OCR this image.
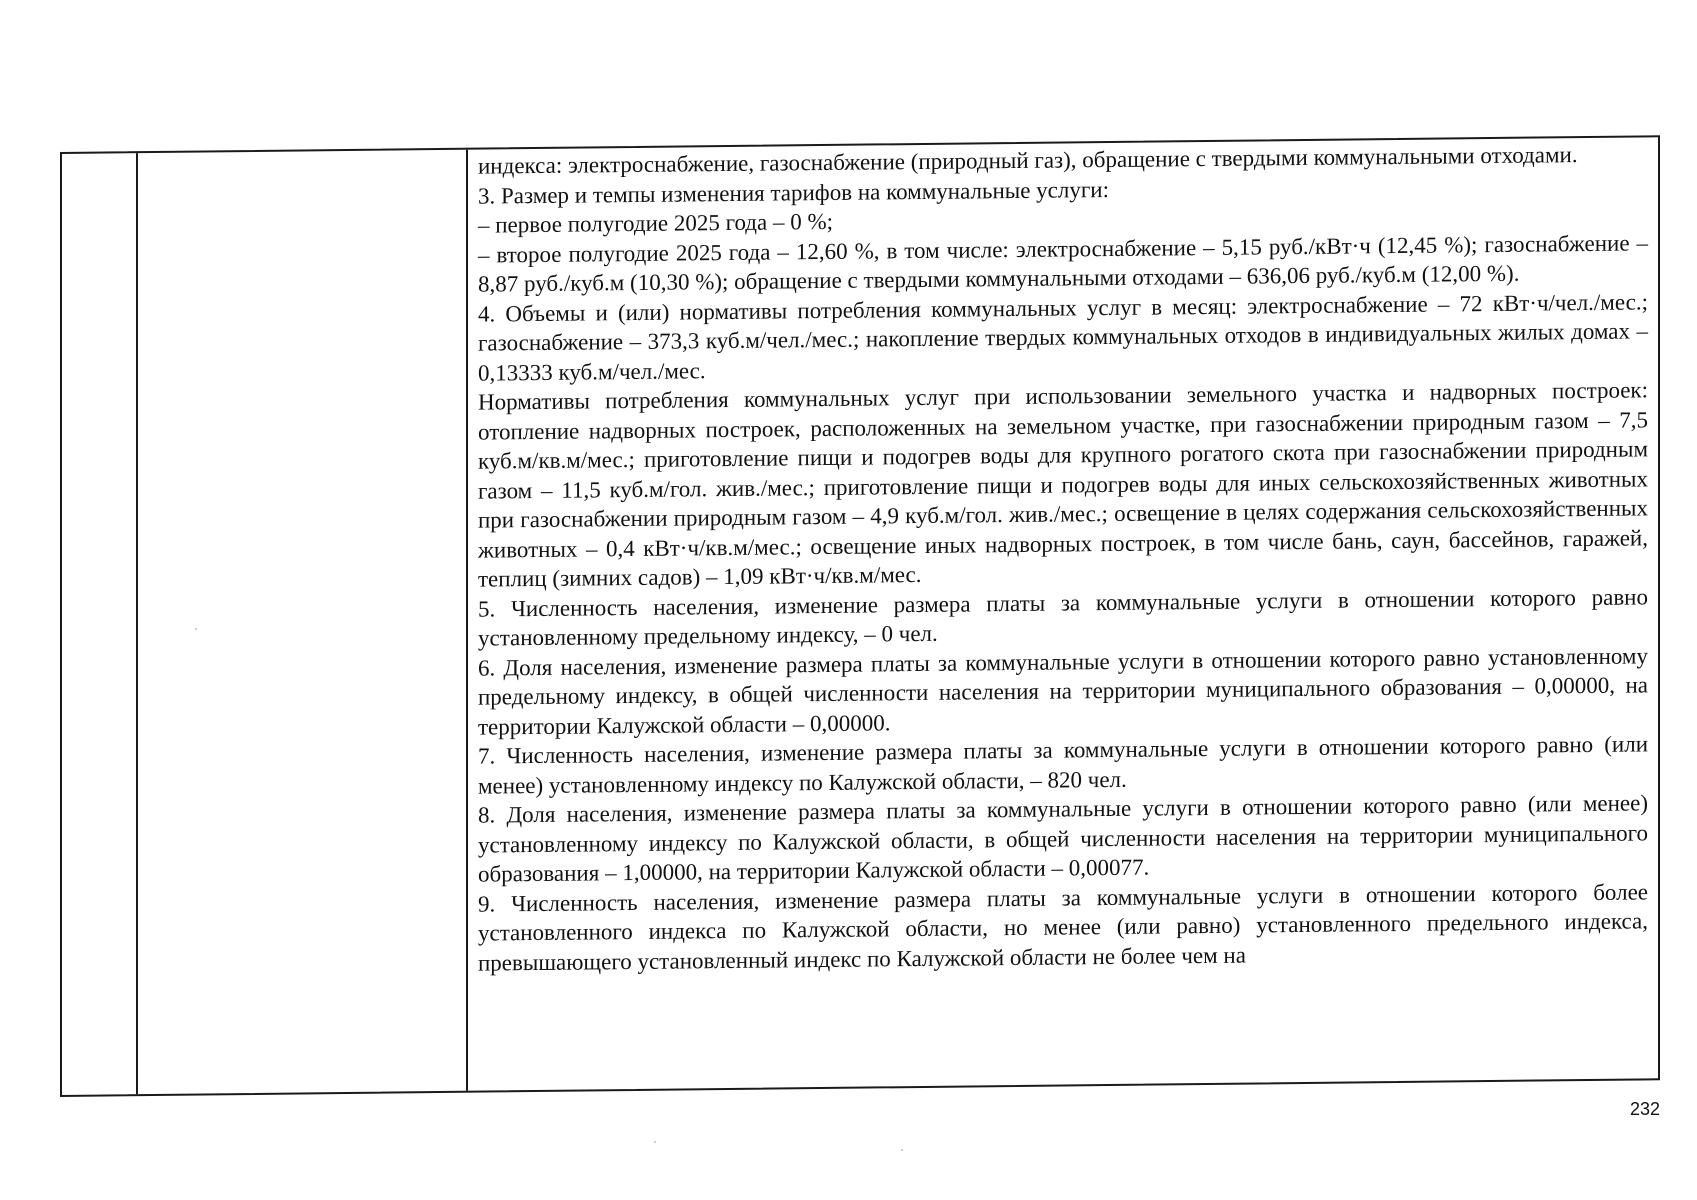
индекса: электроснабжение, газоснабжение (природный газ), обращение с твердыми коммунальными отходами.

3. Размер и темпы изменения тарифов на коммунальные услуги:

– первое полугодие 2025 года – 0 %;

– второе полугодие 2025 года – 12,60 %, в том числе: электроснабжение – 5,15 руб./кВт·ч (12,45 %); газоснабжение – 8,87 руб./куб.м (10,30 %); обращение с твердыми коммунальными отходами – 636,06 руб./куб.м (12,00 %).

4. Объемы и (или) нормативы потребления коммунальных услуг в месяц: электроснабжение – 72 кВт·ч/чел./мес.; газоснабжение – 373,3 куб.м/чел./мес.; накопление твердых коммунальных отходов в индивидуальных жилых домах – 0,13333 куб.м/чел./мес.

Нормативы потребления коммунальных услуг при использовании земельного участка и надворных построек: отопление надворных построек, расположенных на земельном участке, при газоснабжении природным газом – 7,5 куб.м/кв.м/мес.; приготовление пищи и подогрев воды для крупного рогатого скота при газоснабжении природным газом – 11,5 куб.м/гол. жив./мес.; приготовление пищи и подогрев воды для иных сельскохозяйственных животных при газоснабжении природным газом – 4,9 куб.м/гол. жив./мес.; освещение в целях содержания сельскохозяйственных животных – 0,4 кВт·ч/кв.м/мес.; освещение иных надворных построек, в том числе бань, саун, бассейнов, гаражей, теплиц (зимних садов) – 1,09 кВт·ч/кв.м/мес.

5. Численность населения, изменение размера платы за коммунальные услуги в отношении которого равно установленному предельному индексу, – 0 чел.

6. Доля населения, изменение размера платы за коммунальные услуги в отношении которого равно установленному предельному индексу, в общей численности населения на территории муниципального образования – 0,00000, на территории Калужской области – 0,00000.

7. Численность населения, изменение размера платы за коммунальные услуги в отношении которого равно (или менее) установленному индексу по Калужской области, – 820 чел.

8. Доля населения, изменение размера платы за коммунальные услуги в отношении которого равно (или менее) установленному индексу по Калужской области, в общей численности населения на территории муниципального образования – 1,00000, на территории Калужской области – 0,00077.

9. Численность населения, изменение размера платы за коммунальные услуги в отношении которого более установленного индекса по Калужской области, но менее (или равно) установленного предельного индекса, превышающего установленный индекс по Калужской области не более чем на

232
